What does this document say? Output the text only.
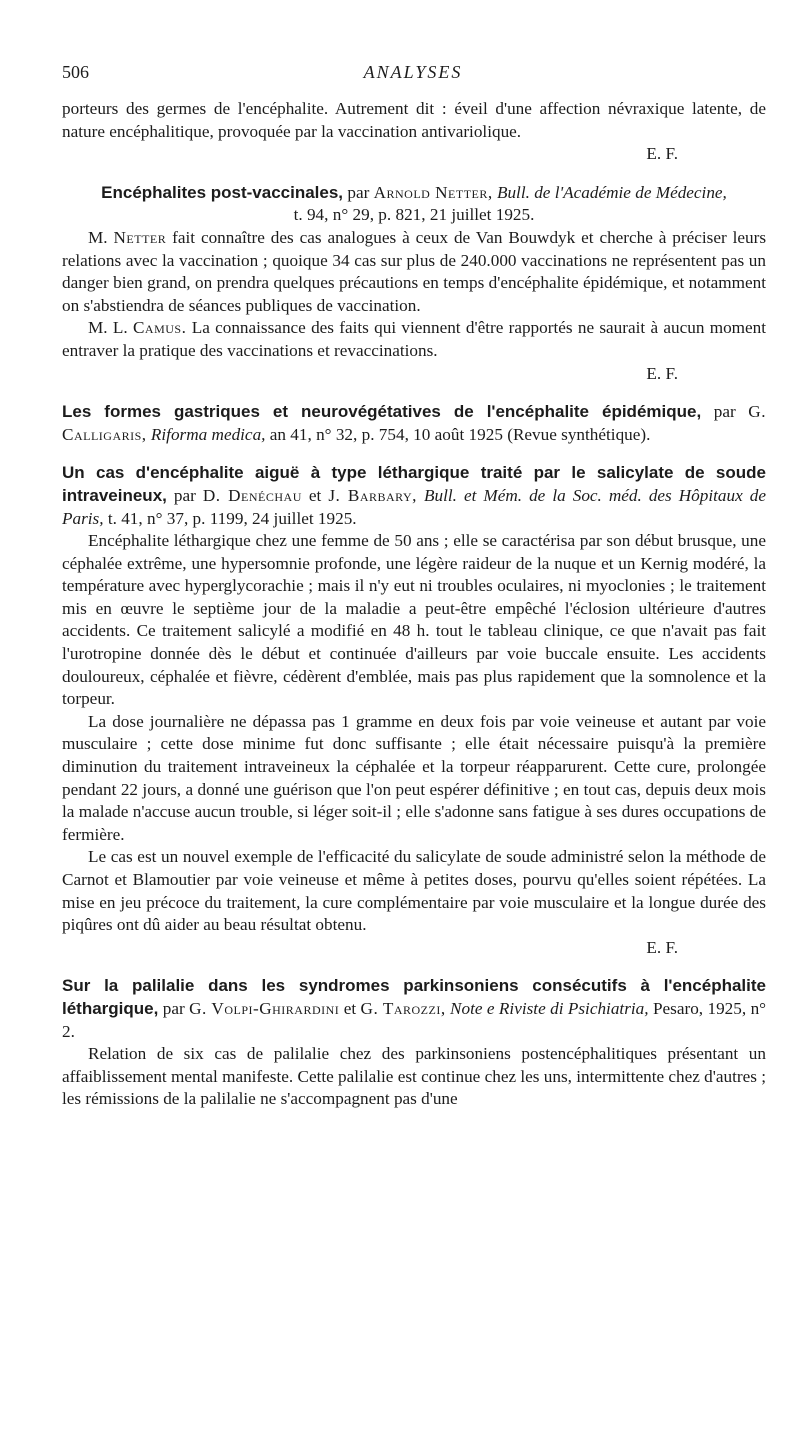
506	ANALYSES

porteurs des germes de l'encéphalite. Autrement dit : éveil d'une affection névraxique latente, de nature encéphalitique, provoquée par la vaccination antivariolique.

E. F.

Encéphalites post-vaccinales, par Arnold Netter, Bull. de l'Académie de Médecine,
t. 94, n° 29, p. 821, 21 juillet 1925.

M. Netter fait connaître des cas analogues à ceux de Van Bouwdyk et cherche à préciser leurs relations avec la vaccination ; quoique 34 cas sur plus de 240.000 vaccinations ne représentent pas un danger bien grand, on prendra quelques précautions en temps d'encéphalite épidémique, et notamment on s'abstiendra de séances publiques de vaccination.

M. L. Camus. La connaissance des faits qui viennent d'être rapportés ne saurait à aucun moment entraver la pratique des vaccinations et revaccinations.

E. F.

Les formes gastriques et neurovégétatives de l'encéphalite épidémique, par G. Calligaris, Riforma medica, an 41, n° 32, p. 754, 10 août 1925 (Revue synthétique).

Un cas d'encéphalite aiguë à type léthargique traité par le salicylate de soude intraveineux, par D. Denéchau et J. Barbary, Bull. et Mém. de la Soc. méd. des Hôpitaux de Paris, t. 41, n° 37, p. 1199, 24 juillet 1925.

Encéphalite léthargique chez une femme de 50 ans ; elle se caractérisa par son début brusque, une céphalée extrême, une hypersomnie profonde, une légère raideur de la nuque et un Kernig modéré, la température avec hyperglycorachie ; mais il n'y eut ni troubles oculaires, ni myoclonies ; le traitement mis en œuvre le septième jour de la maladie a peut-être empêché l'éclosion ultérieure d'autres accidents. Ce traitement salicylé a modifié en 48 h. tout le tableau clinique, ce que n'avait pas fait l'urotropine donnée dès le début et continuée d'ailleurs par voie buccale ensuite. Les accidents douloureux, céphalée et fièvre, cédèrent d'emblée, mais pas plus rapidement que la somnolence et la torpeur.

La dose journalière ne dépassa pas 1 gramme en deux fois par voie veineuse et autant par voie musculaire ; cette dose minime fut donc suffisante ; elle était nécessaire puisqu'à la première diminution du traitement intraveineux la céphalée et la torpeur réapparurent. Cette cure, prolongée pendant 22 jours, a donné une guérison que l'on peut espérer définitive ; en tout cas, depuis deux mois la malade n'accuse aucun trouble, si léger soit-il ; elle s'adonne sans fatigue à ses dures occupations de fermière.

Le cas est un nouvel exemple de l'efficacité du salicylate de soude administré selon la méthode de Carnot et Blamoutier par voie veineuse et même à petites doses, pourvu qu'elles soient répétées. La mise en jeu précoce du traitement, la cure complémentaire par voie musculaire et la longue durée des piqûres ont dû aider au beau résultat obtenu.

E. F.

Sur la palilalie dans les syndromes parkinsoniens consécutifs à l'encéphalite léthargique, par G. Volpi-Ghirardini et G. Tarozzi, Note e Riviste di Psichiatria, Pesaro, 1925, n° 2.

Relation de six cas de palilalie chez des parkinsoniens postencéphalitiques présentant un affaiblissement mental manifeste. Cette palilalie est continue chez les uns, intermittente chez d'autres ; les rémissions de la palilalie ne s'accompagnent pas d'une
